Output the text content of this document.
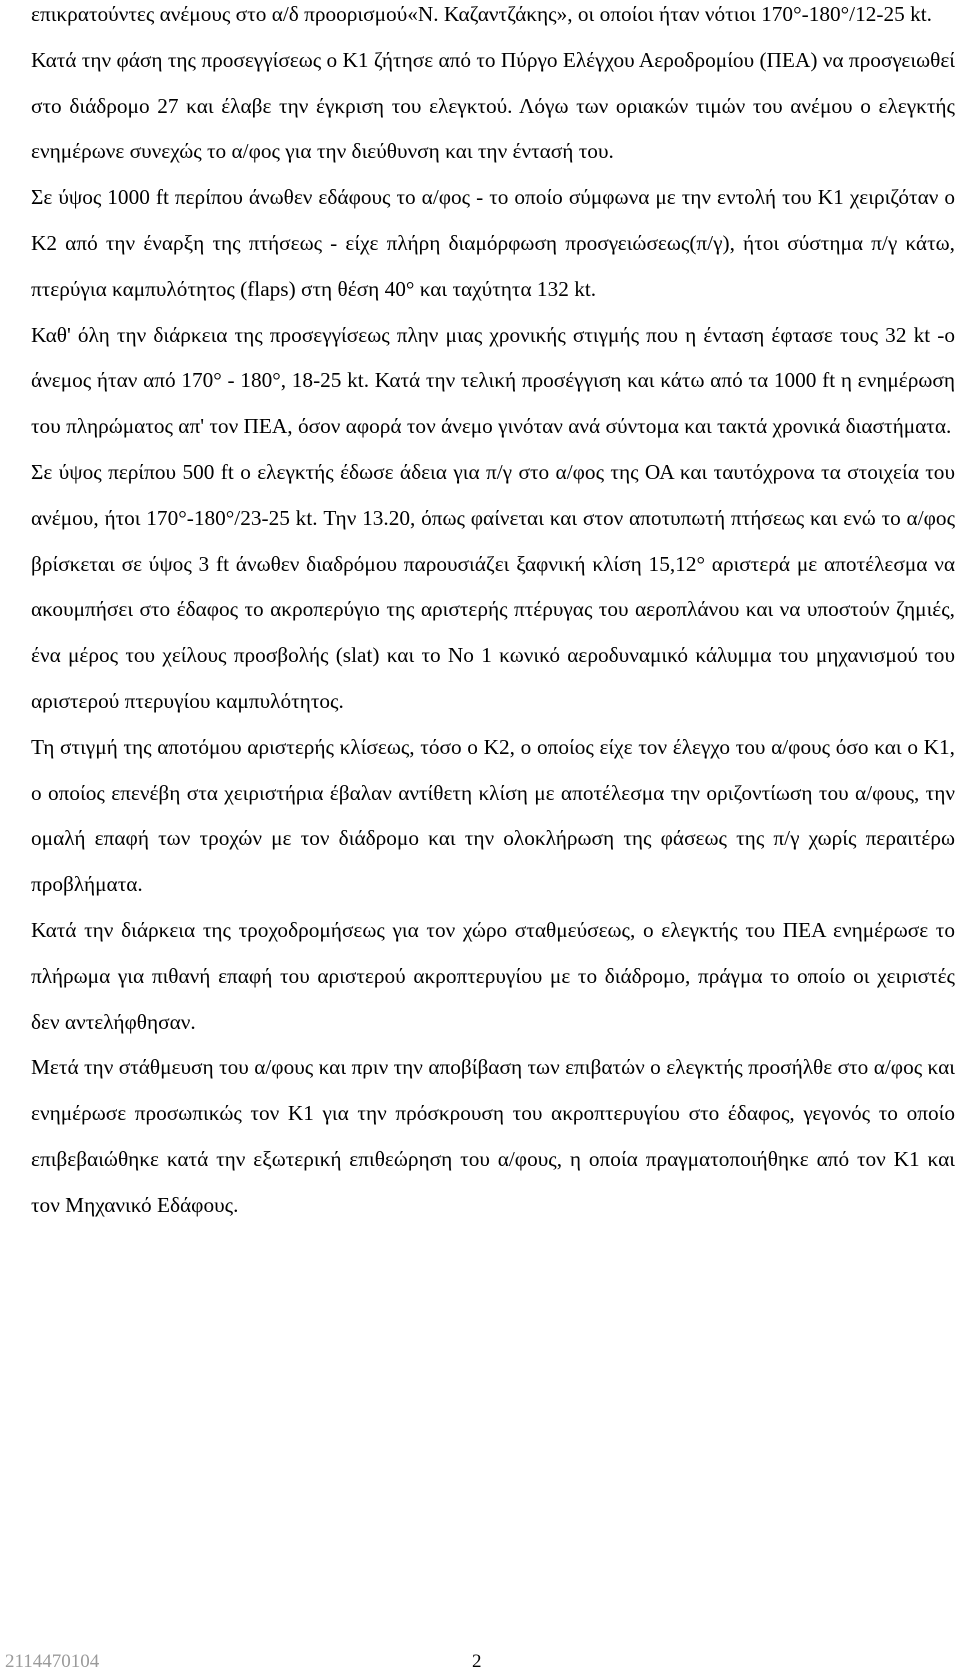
επικρατούντες ανέμους στο α/δ προορισμού«Ν. Καζαντζάκης», οι οποίοι ήταν νότιοι 170°-180°/12-25 kt.

Κατά την φάση της προσεγγίσεως ο Κ1 ζήτησε από το Πύργο Ελέγχου Αεροδρομίου (ΠΕΑ) να προσγειωθεί στο διάδρομο 27 και έλαβε την έγκριση του ελεγκτού. Λόγω των οριακών τιμών του ανέμου ο ελεγκτής ενημέρωνε συνεχώς το α/φος για την διεύθυνση και την έντασή του.

Σε ύψος 1000 ft περίπου άνωθεν εδάφους το α/φος - το οποίο σύμφωνα με την εντολή του Κ1 χειριζόταν ο Κ2 από την έναρξη της πτήσεως - είχε πλήρη διαμόρφωση προσγειώσεως(π/γ), ήτοι σύστημα π/γ κάτω, πτερύγια καμπυλότητος (flaps) στη θέση 40° και ταχύτητα 132 kt.

Καθ' όλη την διάρκεια της προσεγγίσεως πλην μιας χρονικής στιγμής που η ένταση έφτασε τους 32 kt -ο άνεμος ήταν από 170° - 180°, 18-25 kt. Κατά την τελική προσέγγιση και κάτω από τα 1000 ft η ενημέρωση του πληρώματος απ' τον ΠΕΑ, όσον αφορά τον άνεμο γινόταν ανά σύντομα και τακτά χρονικά διαστήματα.

Σε ύψος περίπου 500 ft ο ελεγκτής έδωσε άδεια για π/γ στο α/φος της ΟΑ και ταυτόχρονα τα στοιχεία του ανέμου, ήτοι 170°-180°/23-25 kt. Την 13.20, όπως φαίνεται και στον αποτυπωτή πτήσεως και ενώ το α/φος βρίσκεται σε ύψος 3 ft άνωθεν διαδρόμου παρουσιάζει ξαφνική κλίση 15,12° αριστερά με αποτέλεσμα να ακουμπήσει στο έδαφος το ακροπερύγιο της αριστερής πτέρυγας του αεροπλάνου και να υποστούν ζημιές, ένα μέρος του χείλους προσβολής (slat) και το Νο 1 κωνικό αεροδυναμικό κάλυμμα του μηχανισμού του αριστερού πτερυγίου καμπυλότητος.

Τη στιγμή της αποτόμου αριστερής κλίσεως, τόσο ο Κ2, ο οποίος είχε τον έλεγχο του α/φους όσο και ο Κ1, ο οποίος επενέβη στα χειριστήρια έβαλαν αντίθετη κλίση με αποτέλεσμα την οριζοντίωση του α/φους, την ομαλή επαφή των τροχών με τον διάδρομο και την ολοκλήρωση της φάσεως της π/γ χωρίς περαιτέρω προβλήματα.

Κατά την διάρκεια της τροχοδρομήσεως για τον χώρο σταθμεύσεως, ο ελεγκτής του ΠΕΑ ενημέρωσε το πλήρωμα για πιθανή επαφή του αριστερού ακροπτερυγίου με το διάδρομο, πράγμα το οποίο οι χειριστές δεν αντελήφθησαν.

Μετά την στάθμευση του α/φους και πριν την αποβίβαση των επιβατών ο ελεγκτής προσήλθε στο α/φος και ενημέρωσε προσωπικώς τον Κ1 για την πρόσκρουση του ακροπτερυγίου στο έδαφος, γεγονός το οποίο επιβεβαιώθηκε κατά την εξωτερική επιθεώρηση του α/φους, η οποία πραγματοποιήθηκε από τον Κ1 και τον Μηχανικό Εδάφους.

2114470104	2
